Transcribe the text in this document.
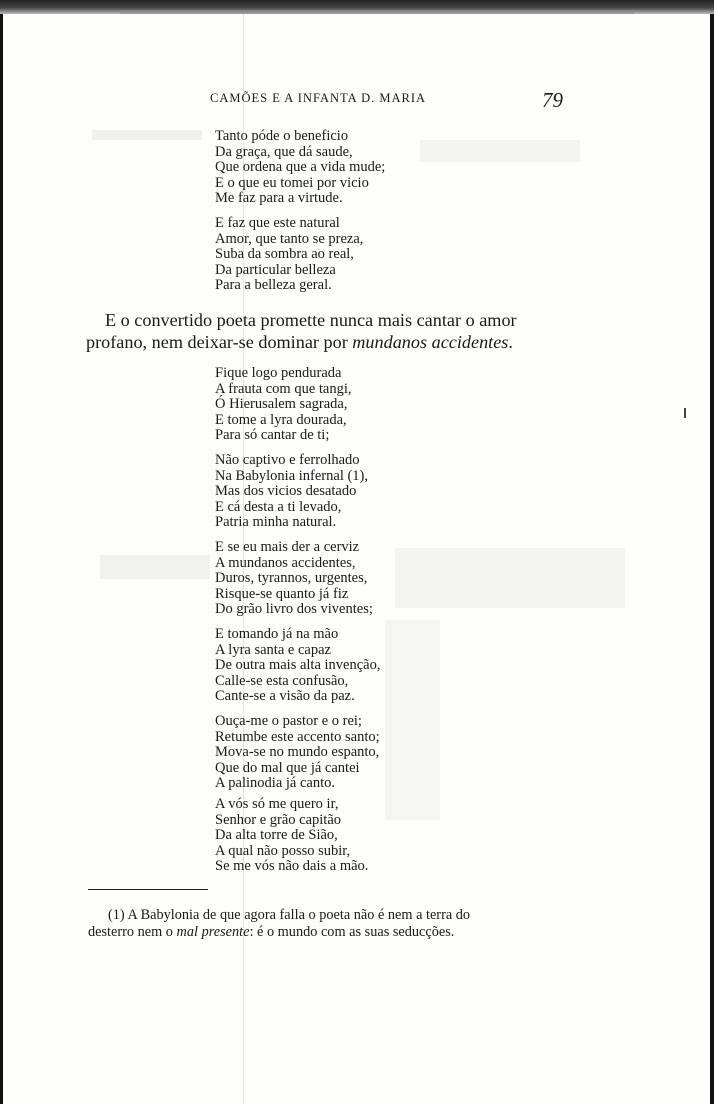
CAMÕES E A INFANTA D. MARIA	79
Tanto póde o beneficio
Da graça, que dá saude,
Que ordena que a vida mude;
E o que eu tomei por vicio
Me faz para a virtude.
E faz que este natural
Amor, que tanto se preza,
Suba da sombra ao real,
Da particular belleza
Para a belleza geral.
E o convertido poeta promette nunca mais cantar o amor
profano, nem deixar-se dominar por mundanos accidentes.
Fique logo pendurada
A frauta com que tangi,
Ó Hierusalem sagrada,
E tome a lyra dourada,
Para só cantar de ti;
Não captivo e ferrolhado
Na Babylonia infernal (1),
Mas dos vicios desatado
E cá desta a ti levado,
Patria minha natural.
E se eu mais der a cerviz
A mundanos accidentes,
Duros, tyrannos, urgentes,
Risque-se quanto já fiz
Do grão livro dos viventes;
E tomando já na mão
A lyra santa e capaz
De outra mais alta invenção,
Calle-se esta confusão,
Cante-se a visão da paz.
Ouça-me o pastor e o rei;
Retumbe este accento santo;
Mova-se no mundo espanto,
Que do mal que já cantei
A palinodia já canto.
A vós só me quero ir,
Senhor e grão capitão
Da alta torre de Sião,
A qual não posso subir,
Se me vós não dais a mão.
(1) A Babylonia de que agora falla o poeta não é nem a terra do
desterro nem o mal presente: é o mundo com as suas seducções.
